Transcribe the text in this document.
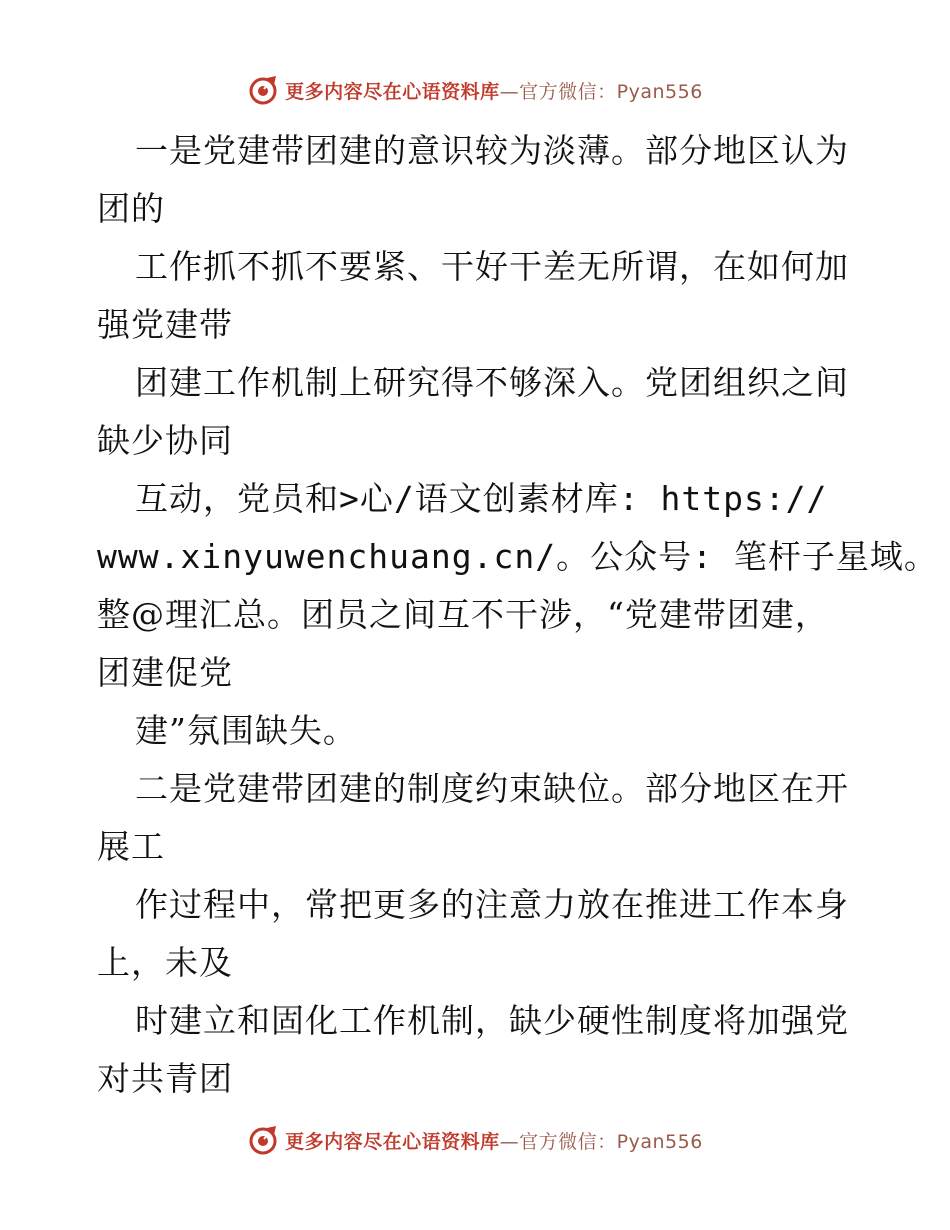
更多内容尽在心语资料库—官方微信：Pyan556
一是党建带团建的意识较为淡薄。部分地区认为
团的
工作抓不抓不要紧、干好干差无所谓，在如何加
强党建带
团建工作机制上研究得不够深入。党团组织之间
缺少协同
互动，党员和>心/语文创素材库: https://
www.xinyuwenchuang.cn/。公众号: 笔杆子星域。
整@理汇总。团员之间互不干涉，“党建带团建，
团建促党
建”氛围缺失。
二是党建带团建的制度约束缺位。部分地区在开
展工
作过程中，常把更多的注意力放在推进工作本身
上，未及
时建立和固化工作机制，缺少硬性制度将加强党
对共青团
更多内容尽在心语资料库—官方微信：Pyan556
